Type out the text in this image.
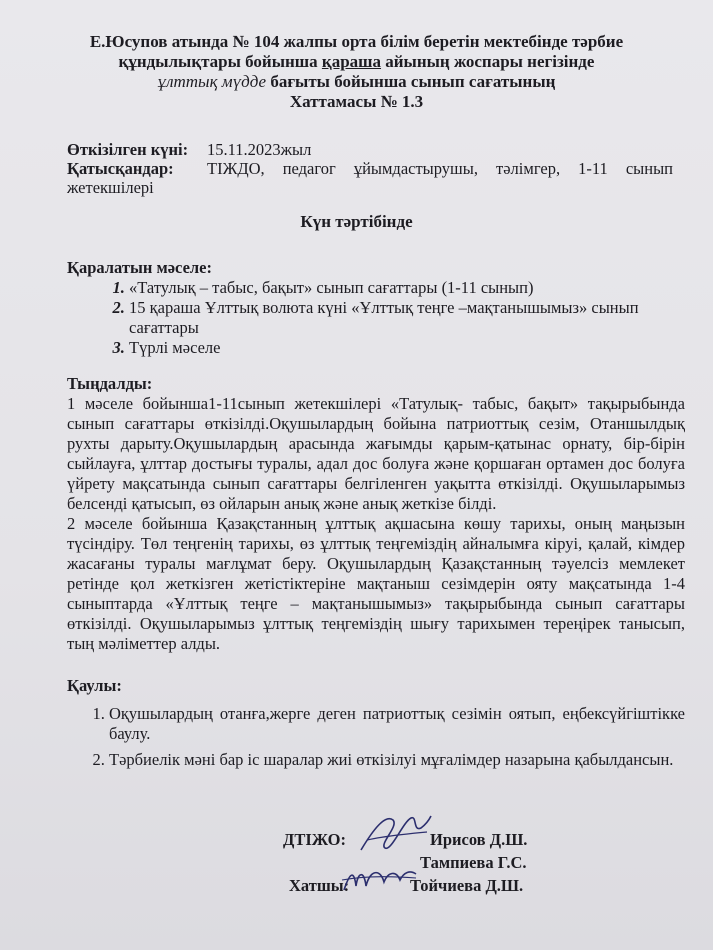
Е.Юсупов атында № 104 жалпы орта білім беретін мектебінде тәрбие
құндылықтары бойынша қараша айының жоспары негізінде
ұлттық мүдде бағыты бойынша сынып сағатының
Хаттамасы № 1.3
Өткізілген күні:	15.11.2023жыл
Қатысқандар:	ТІЖДО, педагог ұйымдастырушы, тәлімгер, 1-11 сынып
жетекшілері
Күн тәртібінде
Қаралатын мәселе:
1. «Татулық – табыс, бақыт» сынып сағаттары (1-11 сынып)
2. 15 қараша Ұлттық волюта күні «Ұлттық теңге –мақтанышымыз» сынып сағаттары
3. Түрлі мәселе
Тыңдалды:
1 мәселе бойынша1-11сынып жетекшілері «Татулық- табыс, бақыт» тақырыбында сынып сағаттары өткізілді.Оқушылардың бойына патриоттық сезім, Отаншылдық рухты дарыту.Оқушылардың арасында жағымды қарым-қатынас орнату, бір-бірін сыйлауға, ұлттар достығы туралы, адал дос болуға және қоршаған ортамен дос болуға үйрету мақсатында сынып сағаттары белгіленген уақытта өткізілді. Оқушыларымыз белсенді қатысып, өз ойларын анық және анық жеткізе білді.
2 мәселе бойынша Қазақстанның ұлттық ақшасына көшу тарихы, оның маңызын түсіндіру. Төл теңгенің тарихы, өз ұлттық теңгеміздің айналымға кіруі, қалай, кімдер жасағаны туралы мағлұмат беру. Оқушылардың Қазақстанның тәуелсіз мемлекет ретінде қол жеткізген жетістіктеріне мақтаныш сезімдерін ояту мақсатында 1-4 сыныптарда «Ұлттық теңге – мақтанышымыз» тақырыбында сынып сағаттары өткізілді. Оқушыларымыз ұлттық теңгеміздің шығу тарихымен тереңірек танысып, тың мәліметтер алды.
Қаулы:
1. Оқушылардың отанға,жерге деген патриоттық сезімін оятып, еңбексүйгіштікке баулу.
2. Тәрбиелік мәні бар іс шаралар жиі өткізілуі мұғалімдер назарына қабылдансын.
ДТІЖО:
Хатшы:
Ирисов Д.Ш.
Тампиева Г.С.
Тойчиева Д.Ш.
